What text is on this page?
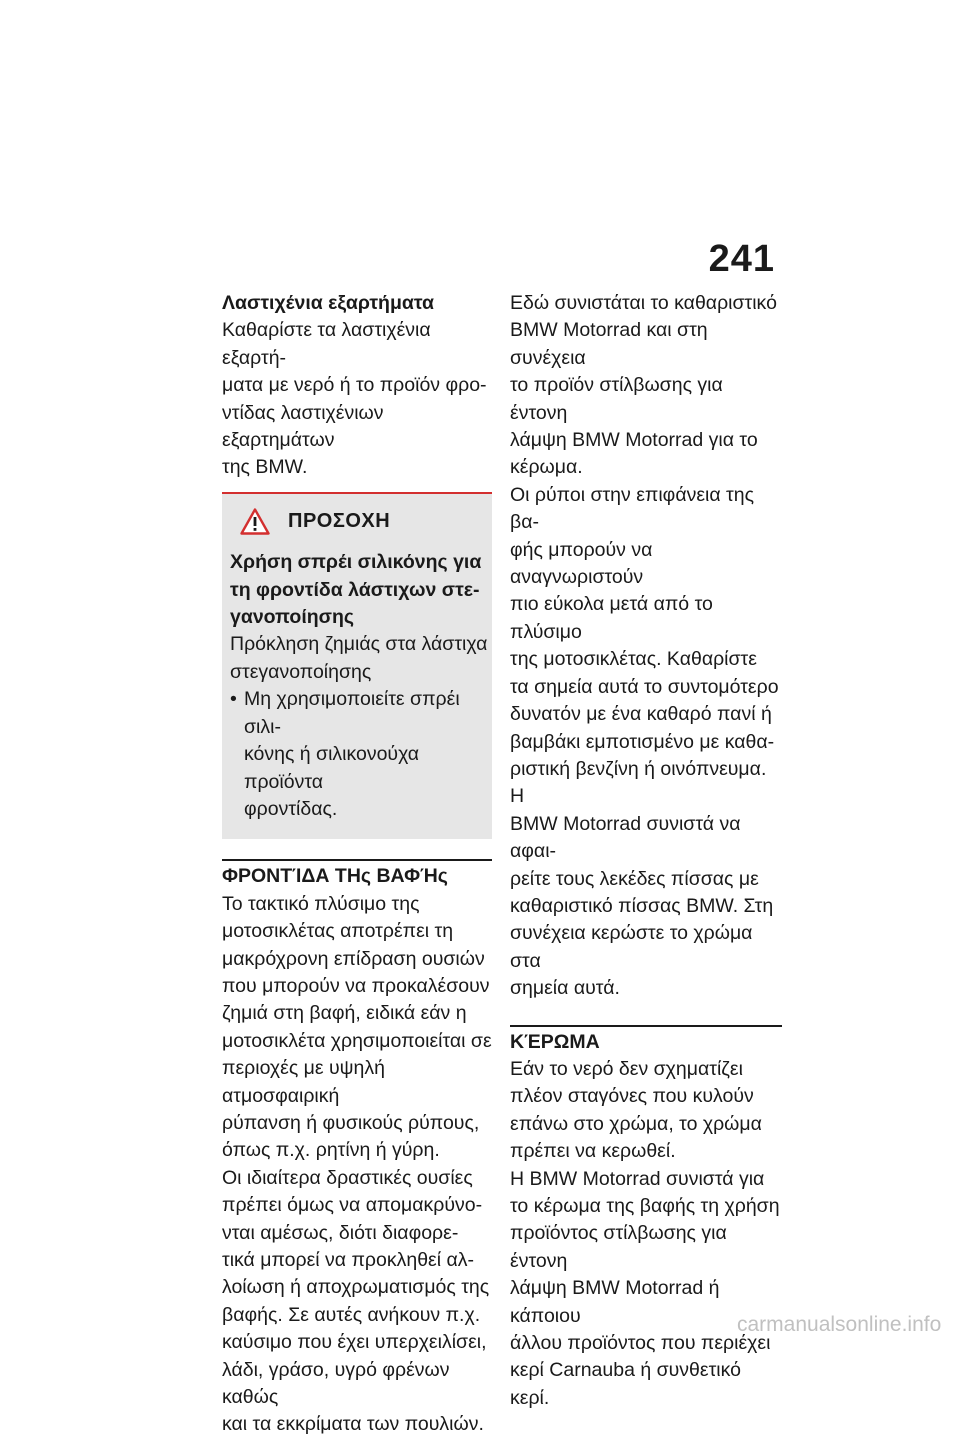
241

Λαστιχένια εξαρτήματα

Καθαρίστε τα λαστιχένια εξαρτή-

ματα με νερό ή το προϊόν φρο-

ντίδας λαστιχένιων εξαρτημάτων

της BMW.

ΠΡΟΣΟΧΗ

Χρήση σπρέι σιλικόνης για

τη φροντίδα λάστιχων στε-

γανοποίησης

Πρόκληση ζημιάς στα λάστιχα

στεγανοποίησης

• Μη χρησιμοποιείτε σπρέι σιλι-

κόνης ή σιλικονούχα προϊόντα

φροντίδας.

ΦΡΟΝΤΊΔΑ ΤΗς ΒΑΦΉς

Το τακτικό πλύσιμο της

μοτοσικλέτας αποτρέπει τη

μακρόχρονη επίδραση ουσιών

που μπορούν να προκαλέσουν

ζημιά στη βαφή, ειδικά εάν η

μοτοσικλέτα χρησιμοποιείται σε

περιοχές με υψηλή ατμοσφαιρική

ρύπανση ή φυσικούς ρύπους,

όπως π.χ. ρητίνη ή γύρη.

Οι ιδιαίτερα δραστικές ουσίες

πρέπει όμως να απομακρύνο-

νται αμέσως, διότι διαφορε-

τικά μπορεί να προκληθεί αλ-

λοίωση ή αποχρωματισμός της

βαφής. Σε αυτές ανήκουν π.χ.

καύσιμο που έχει υπερχειλίσει,

λάδι, γράσο, υγρό φρένων καθώς

και τα εκκρίματα των πουλιών.

Εδώ συνιστάται το καθαριστικό

BMW Motorrad και στη συνέχεια

το προϊόν στίλβωσης για έντονη

λάμψη BMW Motorrad για το

κέρωμα.

Οι ρύποι στην επιφάνεια της βα-

φής μπορούν να αναγνωριστούν

πιο εύκολα μετά από το πλύσιμο

της μοτοσικλέτας. Καθαρίστε

τα σημεία αυτά το συντομότερο

δυνατόν με ένα καθαρό πανί ή

βαμβάκι εμποτισμένο με καθα-

ριστική βενζίνη ή οινόπνευμα. Η

BMW Motorrad συνιστά να αφαι-

ρείτε τους λεκέδες πίσσας με

καθαριστικό πίσσας BMW. Στη

συνέχεια κερώστε το χρώμα στα

σημεία αυτά.

ΚΈΡΩΜΑ

Εάν το νερό δεν σχηματίζει

πλέον σταγόνες που κυλούν

επάνω στο χρώμα, το χρώμα

πρέπει να κερωθεί.

Η BMW Motorrad συνιστά για

το κέρωμα της βαφής τη χρήση

προϊόντος στίλβωσης για έντονη

λάμψη BMW Motorrad ή κάποιου

άλλου προϊόντος που περιέχει

κερί Carnauba ή συνθετικό κερί.

carmanualsonline.info
